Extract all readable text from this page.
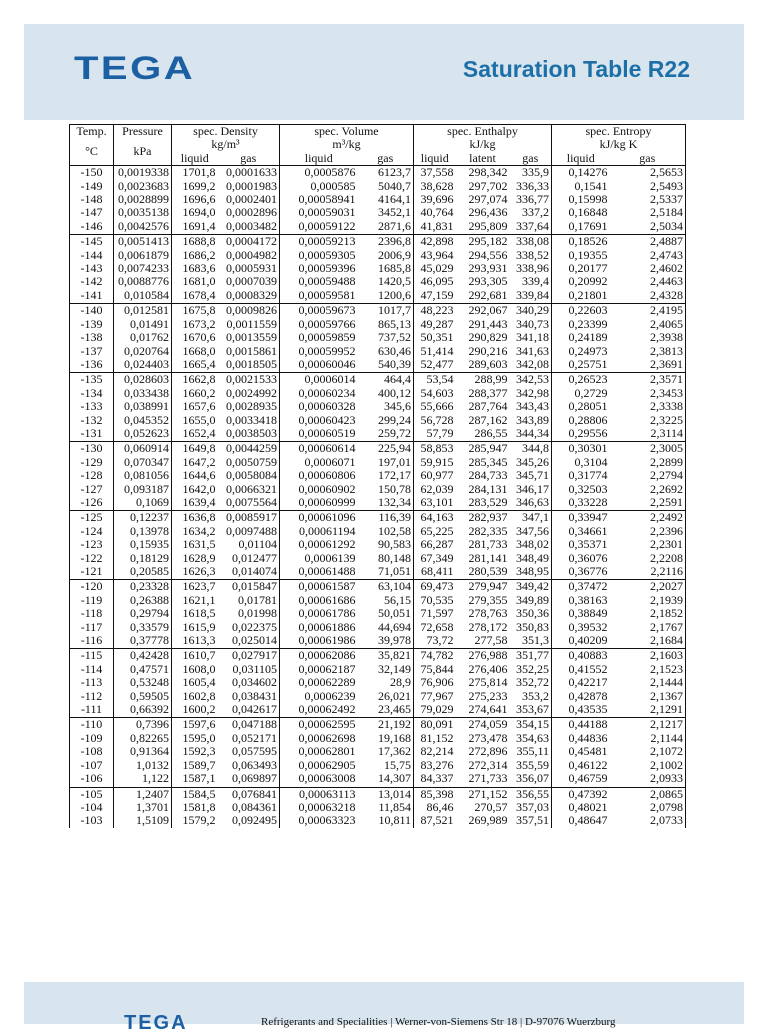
TEGA	Saturation Table R22
Temp.	Pressure	spec. Density		spec. Volume		spec. Enthalpy			spec. Entropy	
°C	kPa	kg/m³		m³/kg		kJ/kg			kJ/kg K	
		liquid	gas	liquid	gas	liquid	latent	gas	liquid	gas
-150	0,0019338	1701,8	0,0001633	0,0005876	6123,7	37,558	298,342	335,9	0,14276	2,5653
-149	0,0023683	1699,2	0,0001983	0,000585	5040,7	38,628	297,702	336,33	0,1541	2,5493
-148	0,0028899	1696,6	0,0002401	0,00058941	4164,1	39,696	297,074	336,77	0,15998	2,5337
-147	0,0035138	1694,0	0,0002896	0,00059031	3452,1	40,764	296,436	337,2	0,16848	2,5184
-146	0,0042576	1691,4	0,0003482	0,00059122	2871,6	41,831	295,809	337,64	0,17691	2,5034
-145	0,0051413	1688,8	0,0004172	0,00059213	2396,8	42,898	295,182	338,08	0,18526	2,4887
-144	0,0061879	1686,2	0,0004982	0,00059305	2006,9	43,964	294,556	338,52	0,19355	2,4743
-143	0,0074233	1683,6	0,0005931	0,00059396	1685,8	45,029	293,931	338,96	0,20177	2,4602
-142	0,0088776	1681,0	0,0007039	0,00059488	1420,5	46,095	293,305	339,4	0,20992	2,4463
-141	0,010584	1678,4	0,0008329	0,00059581	1200,6	47,159	292,681	339,84	0,21801	2,4328
-140	0,012581	1675,8	0,0009826	0,00059673	1017,7	48,223	292,067	340,29	0,22603	2,4195
-139	0,01491	1673,2	0,0011559	0,00059766	865,13	49,287	291,443	340,73	0,23399	2,4065
-138	0,01762	1670,6	0,0013559	0,00059859	737,52	50,351	290,829	341,18	0,24189	2,3938
-137	0,020764	1668,0	0,0015861	0,00059952	630,46	51,414	290,216	341,63	0,24973	2,3813
-136	0,024403	1665,4	0,0018505	0,00060046	540,39	52,477	289,603	342,08	0,25751	2,3691
-135	0,028603	1662,8	0,0021533	0,0006014	464,4	53,54	288,99	342,53	0,26523	2,3571
-134	0,033438	1660,2	0,0024992	0,00060234	400,12	54,603	288,377	342,98	0,2729	2,3453
-133	0,038991	1657,6	0,0028935	0,00060328	345,6	55,666	287,764	343,43	0,28051	2,3338
-132	0,045352	1655,0	0,0033418	0,00060423	299,24	56,728	287,162	343,89	0,28806	2,3225
-131	0,052623	1652,4	0,0038503	0,00060519	259,72	57,79	286,55	344,34	0,29556	2,3114
-130	0,060914	1649,8	0,0044259	0,00060614	225,94	58,853	285,947	344,8	0,30301	2,3005
-129	0,070347	1647,2	0,0050759	0,0006071	197,01	59,915	285,345	345,26	0,3104	2,2899
-128	0,081056	1644,6	0,0058084	0,00060806	172,17	60,977	284,733	345,71	0,31774	2,2794
-127	0,093187	1642,0	0,0066321	0,00060902	150,78	62,039	284,131	346,17	0,32503	2,2692
-126	0,1069	1639,4	0,0075564	0,00060999	132,34	63,101	283,529	346,63	0,33228	2,2591
-125	0,12237	1636,8	0,0085917	0,00061096	116,39	64,163	282,937	347,1	0,33947	2,2492
-124	0,13978	1634,2	0,0097488	0,00061194	102,58	65,225	282,335	347,56	0,34661	2,2396
-123	0,15935	1631,5	0,01104	0,00061292	90,583	66,287	281,733	348,02	0,35371	2,2301
-122	0,18129	1628,9	0,012477	0,0006139	80,148	67,349	281,141	348,49	0,36076	2,2208
-121	0,20585	1626,3	0,014074	0,00061488	71,051	68,411	280,539	348,95	0,36776	2,2116
-120	0,23328	1623,7	0,015847	0,00061587	63,104	69,473	279,947	349,42	0,37472	2,2027
-119	0,26388	1621,1	0,01781	0,00061686	56,15	70,535	279,355	349,89	0,38163	2,1939
-118	0,29794	1618,5	0,01998	0,00061786	50,051	71,597	278,763	350,36	0,38849	2,1852
-117	0,33579	1615,9	0,022375	0,00061886	44,694	72,658	278,172	350,83	0,39532	2,1767
-116	0,37778	1613,3	0,025014	0,00061986	39,978	73,72	277,58	351,3	0,40209	2,1684
-115	0,42428	1610,7	0,027917	0,00062086	35,821	74,782	276,988	351,77	0,40883	2,1603
-114	0,47571	1608,0	0,031105	0,00062187	32,149	75,844	276,406	352,25	0,41552	2,1523
-113	0,53248	1605,4	0,034602	0,00062289	28,9	76,906	275,814	352,72	0,42217	2,1444
-112	0,59505	1602,8	0,038431	0,0006239	26,021	77,967	275,233	353,2	0,42878	2,1367
-111	0,66392	1600,2	0,042617	0,00062492	23,465	79,029	274,641	353,67	0,43535	2,1291
-110	0,7396	1597,6	0,047188	0,00062595	21,192	80,091	274,059	354,15	0,44188	2,1217
-109	0,82265	1595,0	0,052171	0,00062698	19,168	81,152	273,478	354,63	0,44836	2,1144
-108	0,91364	1592,3	0,057595	0,00062801	17,362	82,214	272,896	355,11	0,45481	2,1072
-107	1,0132	1589,7	0,063493	0,00062905	15,75	83,276	272,314	355,59	0,46122	2,1002
-106	1,122	1587,1	0,069897	0,00063008	14,307	84,337	271,733	356,07	0,46759	2,0933
-105	1,2407	1584,5	0,076841	0,00063113	13,014	85,398	271,152	356,55	0,47392	2,0865
-104	1,3701	1581,8	0,084361	0,00063218	11,854	86,46	270,57	357,03	0,48021	2,0798
-103	1,5109	1579,2	0,092495	0,00063323	10,811	87,521	269,989	357,51	0,48647	2,0733
TEGA	Refrigerants and Specialities | Werner-von-Siemens Str 18 | D-97076 Wuerzburg
